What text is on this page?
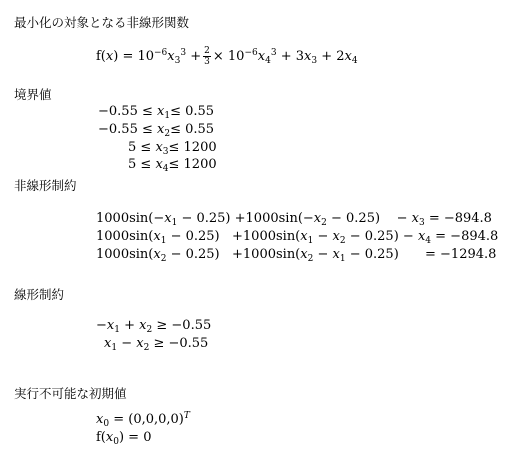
最小化の対象となる非線形関数
$f(x) = 10^{-6}x_3^3 + \frac{2}{3} \times 10^{-6}x_4^3 + 3x_3 + 2x_4$
境界値
$-0.55 \le x_1\le 0.55$
$-0.55 \le x_2\le 0.55$
$5 \le x_3\le 1200$
$5 \le x_4\le 1200$
非線形制約
$1000\sin(-x_1 - 0.25) +1000\sin(-x_2 - 0.25)$    − $x_3 = -894.8$
$1000\sin(x_1 - 0.25) +1000\sin(x_1 - x_2 - 0.25) - x_4 = -894.8$
$1000\sin(x_2 - 0.25) +1000\sin(x_2 - x_1 - 0.25) = -1294.8$
線形制約
$-x_1 + x_2 \ge -0.55$
$x_1 - x_2 \ge -0.55$
実行不可能な初期値
$x_0 = (0,0,0,0)^T$
$f(x_0) = 0$
